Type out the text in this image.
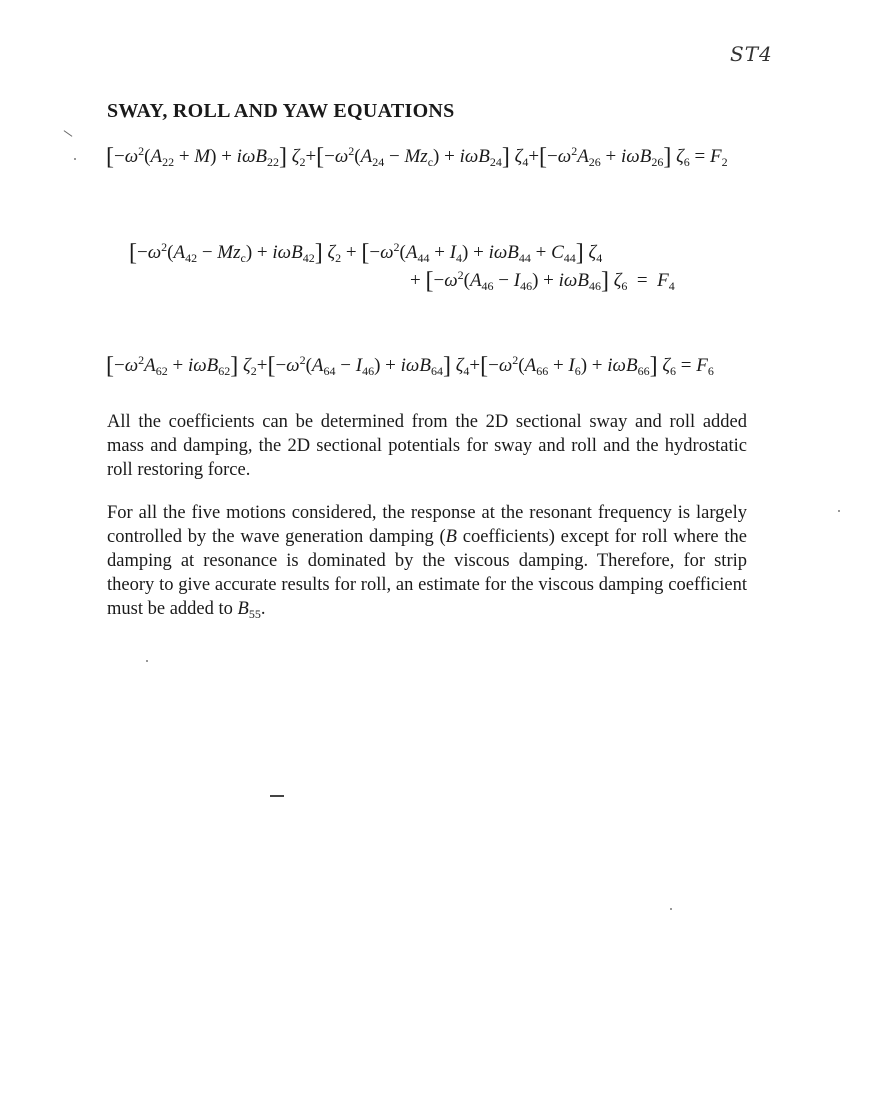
ST4
SWAY, ROLL AND YAW EQUATIONS
$[-\omega^2(A_{22} + M) + i\omega B_{22}] \zeta_2+[-\omega^2(A_{24} - Mz_c) + i\omega B_{24}] \zeta_4+[-\omega^2A_{26} + i\omega B_{26}] \zeta_6 = F_2$
$[-\omega^2(A_{42} - Mz_c) + i\omega B_{42}] \zeta_2 + [-\omega^2(A_{44} + I_4) + i\omega B_{44} + C_{44}]$ $\zeta_4$
+ $[-\omega^2(A_{46} - I_{46}) + i\omega B_{46}] \zeta_6 = F_4$
$[-\omega^2A_{62} + i\omega B_{62}] \zeta_2+[-\omega^2(A_{64} - I_{46}) + i\omega B_{64}] \zeta_4+[-\omega^2(A_{66} + I_6) + i\omega B_{66}] \zeta_6 = F_6$
All the coefficients can be determined from the 2D sectional sway and roll added mass and damping, the 2D sectional potentials for sway and roll and the hydrostatic roll restoring force.
For all the five motions considered, the response at the resonant frequency is largely controlled by the wave generation damping (B coefficients) except for roll where the damping at resonance is dominated by the viscous damping. Therefore, for strip theory to give accurate results for roll, an estimate for the viscous damping coefficient must be added to $B_{55}$.
